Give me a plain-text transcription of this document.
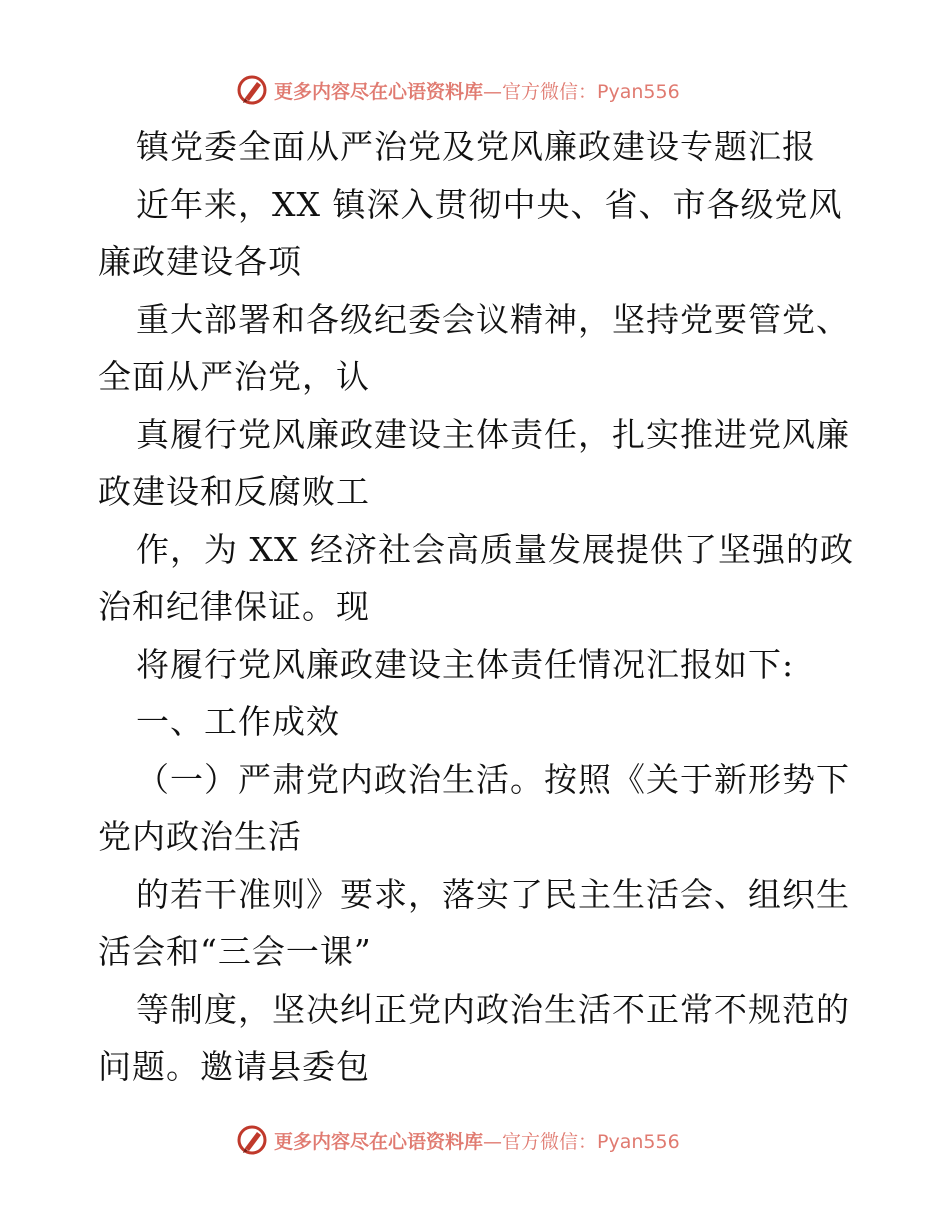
更多内容尽在心语资料库—官方微信：Pyan556
镇党委全面从严治党及党风廉政建设专题汇报
近年来，XX 镇深入贯彻中央、省、市各级党风
廉政建设各项
重大部署和各级纪委会议精神，坚持党要管党、
全面从严治党，认
真履行党风廉政建设主体责任，扎实推进党风廉
政建设和反腐败工
作，为 XX 经济社会高质量发展提供了坚强的政
治和纪律保证。现
将履行党风廉政建设主体责任情况汇报如下:
一、工作成效
（一）严肃党内政治生活。按照《关于新形势下
党内政治生活
的若干准则》要求，落实了民主生活会、组织生
活会和“三会一课”
等制度，坚决纠正党内政治生活不正常不规范的
问题。邀请县委包
更多内容尽在心语资料库—官方微信：Pyan556
